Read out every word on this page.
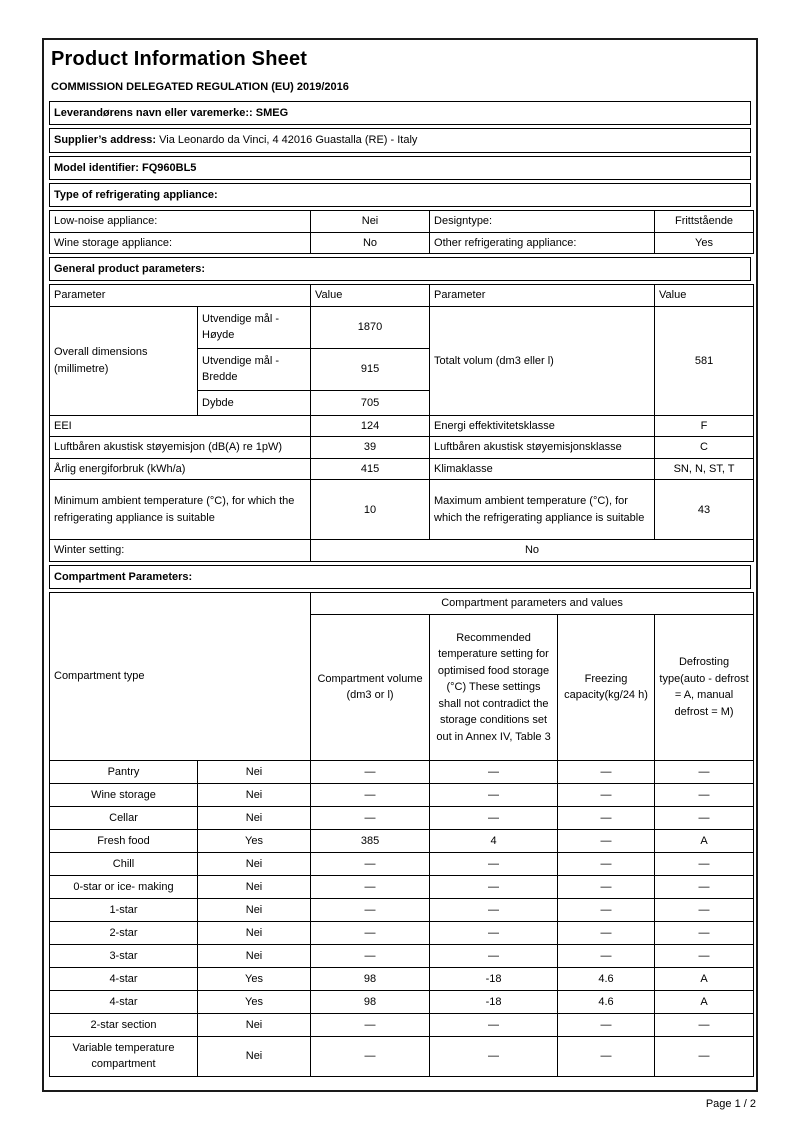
Product Information Sheet
COMMISSION DELEGATED REGULATION (EU) 2019/2016
Leverandørens navn eller varemerke:: SMEG
Supplier’s address: Via Leonardo da Vinci, 4 42016 Guastalla (RE) - Italy
Model identifier: FQ960BL5
Type of refrigerating appliance:
Low-noise appliance:	Nei	Designtype:	Frittstående
Wine storage appliance:	No	Other refrigerating appliance:	Yes
General product parameters:
Parameter		Value	Parameter	Value
Overall dimensions (millimetre)	Utvendige mål - Høyde	1870	Totalt volum (dm3 eller l)	581
	Utvendige mål - Bredde	915		
	Dybde	705		
EEI		124	Energi effektivitetsklasse	F
Luftbåren akustisk støyemisjon (dB(A) re 1pW)		39	Luftbåren akustisk støyemisjonsklasse	C
Årlig energiforbruk (kWh/a)		415	Klimaklasse	SN, N, ST, T
Minimum ambient temperature (°C), for which the refrigerating appliance is suitable		10	Maximum ambient temperature (°C), for which the refrigerating appliance is suitable	43
Winter setting:		No		
Compartment Parameters:
Compartment type		Compartment parameters and values			
		Compartment volume (dm3 or l)	Recommended temperature setting for optimised food storage (°C) These settings shall not contradict the storage conditions set out in Annex IV, Table 3	Freezing capacity(kg/24 h)	Defrosting type(auto - defrost = A, manual defrost = M)
Pantry	Nei	—	—	—	—
Wine storage	Nei	—	—	—	—
Cellar	Nei	—	—	—	—
Fresh food	Yes	385	4	—	A
Chill	Nei	—	—	—	—
0-star or ice- making	Nei	—	—	—	—
1-star	Nei	—	—	—	—
2-star	Nei	—	—	—	—
3-star	Nei	—	—	—	—
4-star	Yes	98	-18	4.6	A
4-star	Yes	98	-18	4.6	A
2-star section	Nei	—	—	—	—
Variable temperature compartment	Nei	—	—	—	—
Page 1 / 2
